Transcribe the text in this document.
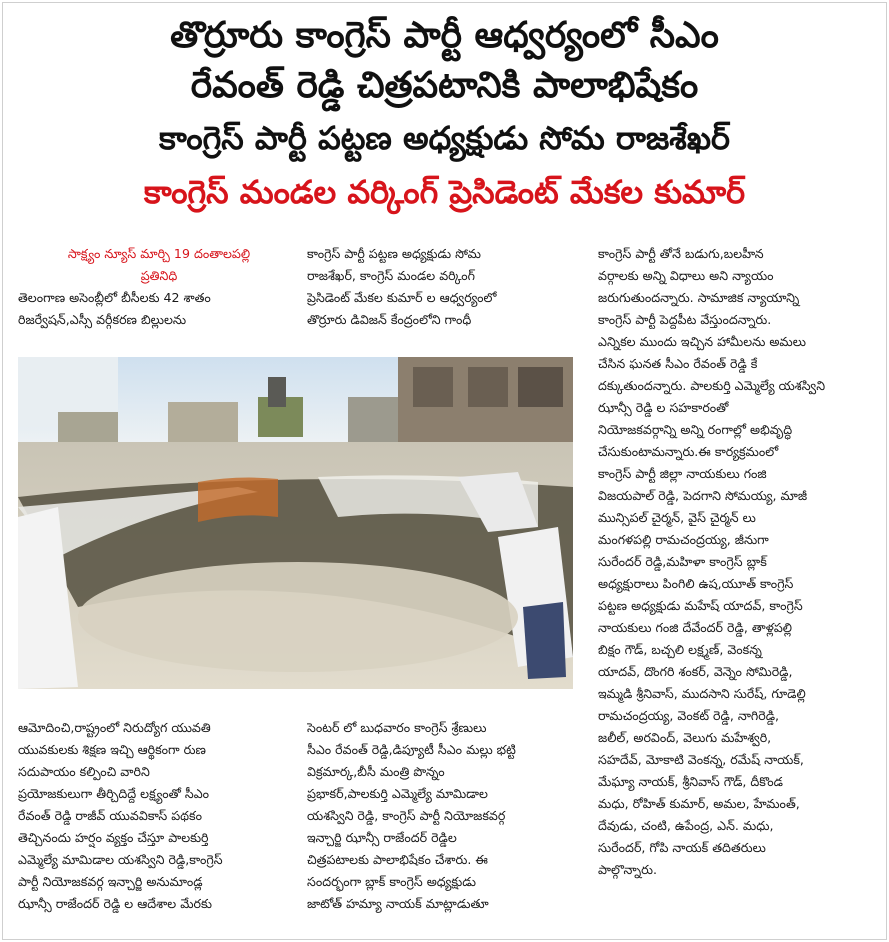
తొర్రూరు కాంగ్రెస్ పార్టీ ఆధ్వర్యంలో సీఎం
రేవంత్ రెడ్డి చిత్రపటానికి పాలాభిషేకం
కాంగ్రెస్ పార్టీ పట్టణ అధ్యక్షుడు సోమ రాజశేఖర్
కాంగ్రెస్ మండల వర్కింగ్ ప్రెసిడెంట్ మేకల కుమార్
సాక్ష్యం న్యూస్ మార్చి 19 దంతాలపల్లి
ప్రతినిధి
తెలంగాణ అసెంబ్లీలో బీసీలకు 42 శాతం
రిజర్వేషన్,ఎస్సీ వర్గీకరణ బిల్లులను
కాంగ్రెస్ పార్టీ పట్టణ అధ్యక్షుడు సోమ
రాజశేఖర్, కాంగ్రెస్ మండల వర్కింగ్
ప్రెసిడెంట్ మేకల కుమార్ ల ఆధ్వర్యంలో
తొర్రూరు డివిజన్ కేంద్రంలోని గాంధీ
కాంగ్రెస్ పార్టీ తోనే బడుగు,బలహీన
వర్గాలకు అన్ని విధాలు అని న్యాయం
జరుగుతుందన్నారు. సామాజిక న్యాయాన్ని
కాంగ్రెస్ పార్టీ పెద్దపీట వేస్తుందన్నారు.
ఎన్నికల ముందు ఇచ్చిన హామీలను అమలు
చేసిన ఘనత సీఎం రేవంత్ రెడ్డి కే
దక్కుతుందన్నారు. పాలకుర్తి ఎమ్మెల్యే యశస్విని
ఝాన్సీ రెడ్డి ల సహకారంతో
నియోజకవర్గాన్ని అన్ని రంగాల్లో అభివృద్ధి
చేసుకుంటామన్నారు.ఈ కార్యక్రమంలో
కాంగ్రెస్ పార్టీ జిల్లా నాయకులు గంజి
విజయపాల్ రెడ్డి, పెదగాని సోమయ్య, మాజీ
మున్సిపల్ చైర్మన్, వైస్ చైర్మన్ లు
మంగళపల్లి రామచంద్రయ్య, జీనుగా
సురేందర్ రెడ్డి,మహిళా కాంగ్రెస్ బ్లాక్
అధ్యక్షురాలు పింగిలి ఉష,యూత్ కాంగ్రెస్
పట్టణ అధ్యక్షుడు మహేష్ యాదవ్, కాంగ్రెస్
నాయకులు గంజి దేవేందర్ రెడ్డి, తాళ్లపల్లి
బిక్షం గౌడ్, బచ్చలి లక్ష్మణ్, వెంకన్న
యాదవ్, దొంగరి శంకర్, వెన్నెం సోమిరెడ్డి,
ఇమ్మడి శ్రీనివాస్, ముదసాని సురేష్, గూడెల్లి
రామచంద్రయ్య, వెంకట్ రెడ్డి, నాగిరెడ్డి,
జలీల్, అరవింద్, వెలుగు మహేశ్వరి,
సహదేవ్, మోకాటి వెంకన్న, రమేష్ నాయక్,
మేఘ్యా నాయక్, శ్రీనివాస్ గౌడ్, దీకొండ
మధు, రోహిత్ కుమార్, అమల, హేమంత్,
దేవుడు, చంటి, ఉపేంద్ర, ఎన్. మధు,
సురేందర్, గోపి నాయక్ తదితరులు
పాల్గొన్నారు.
ఆమోదించి,రాష్ట్రంలో నిరుద్యోగ యువతి
యువకులకు శిక్షణ ఇచ్చి ఆర్థికంగా రుణ
సదుపాయం కల్పించి వారిని
ప్రయోజకులుగా తీర్చిదిద్దే లక్ష్యంతో సీఎం
రేవంత్ రెడ్డి రాజీవ్ యువవికాస్ పథకం
తెచ్చినందు హర్షం వ్యక్తం చేస్తూ పాలకుర్తి
ఎమ్మెల్యే మామిడాల యశస్విని రెడ్డి,కాంగ్రెస్
పార్టీ నియోజకవర్గ ఇన్చార్జి అనుమాండ్ల
ఝాన్సీ రాజేందర్ రెడ్డి ల ఆదేశాల మేరకు
సెంటర్ లో బుధవారం కాంగ్రెస్ శ్రేణులు
సీఎం రేవంత్ రెడ్డి,డిప్యూటీ సీఎం మల్లు భట్టి
విక్రమార్క,బీసీ మంత్రి పొన్నం
ప్రభాకర్,పాలకుర్తి ఎమ్మెల్యే మామిడాల
యశస్విని రెడ్డి, కాంగ్రెస్ పార్టీ నియోజకవర్గ
ఇన్చార్జి ఝాన్సీ రాజేందర్ రెడ్డిల
చిత్రపటాలకు పాలాభిషేకం చేశారు. ఈ
సందర్భంగా బ్లాక్ కాంగ్రెస్ అధ్యక్షుడు
జాటోత్ హమ్యా నాయక్ మాట్లాడుతూ
